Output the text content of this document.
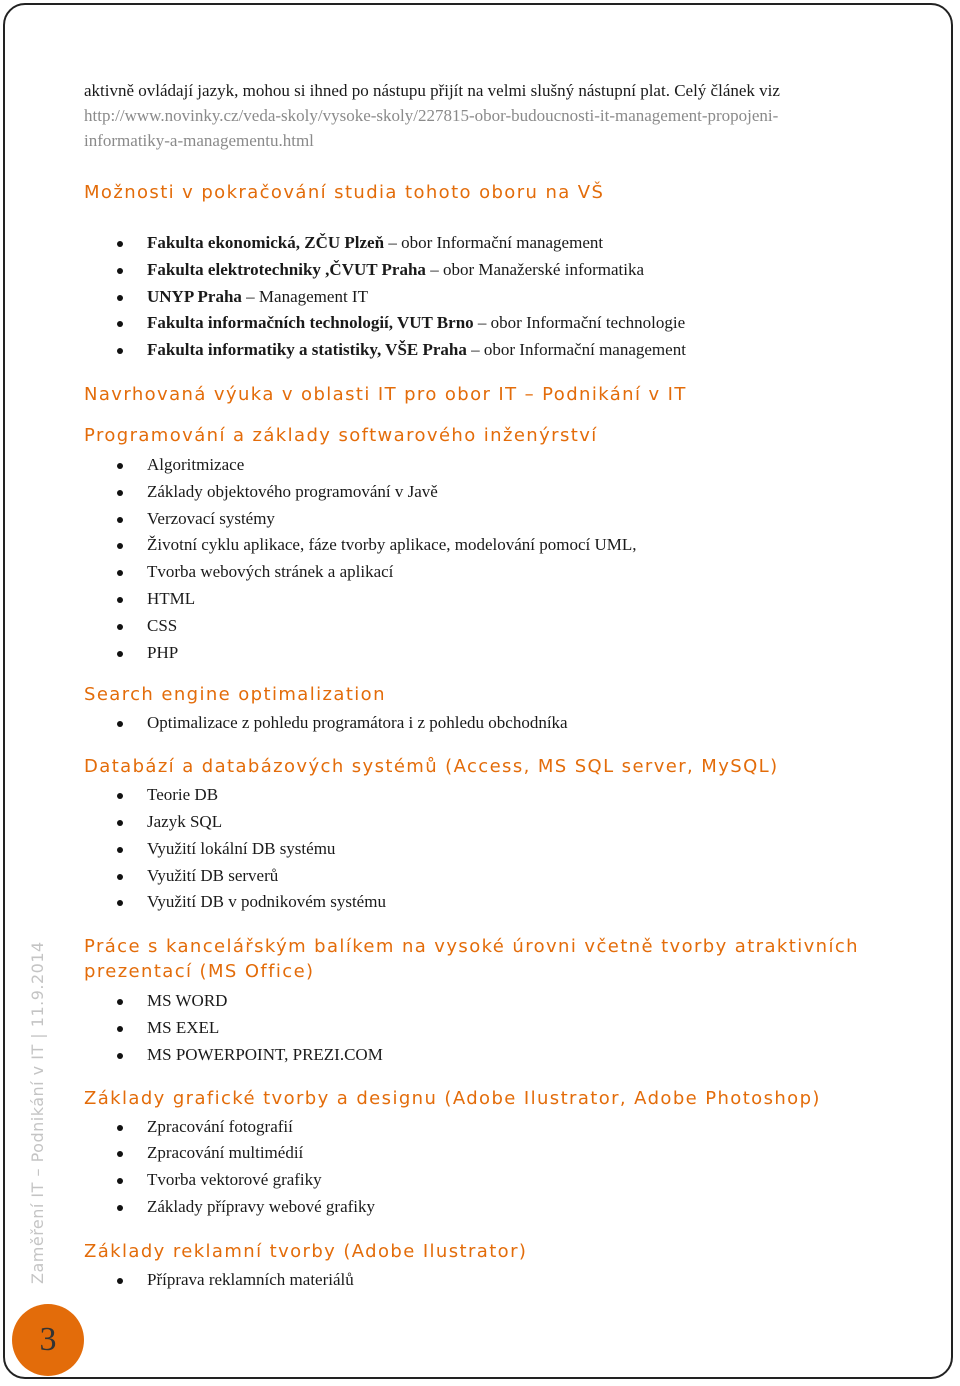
aktivně ovládají jazyk, mohou si ihned po nástupu přijít na velmi slušný nástupní plat. Celý článek viz
http://www.novinky.cz/veda-skoly/vysoke-skoly/227815-obor-budoucnosti-it-management-propojeni-
informatiky-a-managementu.html

Možnosti v pokračování studia tohoto oboru na VŠ
Fakulta ekonomická, ZČU Plzeň – obor Informační management
Fakulta elektrotechniky ,ČVUT Praha – obor Manažerské informatika
UNYP Praha – Management IT
Fakulta informačních technologií, VUT Brno – obor Informační technologie
Fakulta informatiky a statistiky, VŠE Praha – obor Informační management
Navrhovaná výuka v oblasti IT pro obor IT – Podnikání v IT
Programování a základy softwarového inženýrství
Algoritmizace
Základy objektového programování v Javě
Verzovací systémy
Životní cyklu aplikace, fáze tvorby aplikace, modelování pomocí UML,
Tvorba webových stránek a aplikací
HTML
CSS
PHP
Search engine optimalization
Optimalizace z pohledu programátora i z pohledu obchodníka
Databází a databázových systémů (Access, MS SQL server, MySQL)
Teorie DB
Jazyk SQL
Využití lokální DB systému
Využití DB serverů
Využití DB v podnikovém systému
Práce s kancelářským balíkem na vysoké úrovni včetně tvorby atraktivních
prezentací (MS Office)
MS WORD
MS EXEL
MS POWERPOINT, PREZI.COM
Základy grafické tvorby a designu (Adobe Ilustrator, Adobe Photoshop)
Zpracování fotografií
Zpracování multimédií
Tvorba vektorové grafiky
Základy přípravy webové grafiky
Základy reklamní tvorby (Adobe Ilustrator)
Příprava reklamních materiálů
Zaměření IT – Podnikání v IT | 11.9.2014
3
